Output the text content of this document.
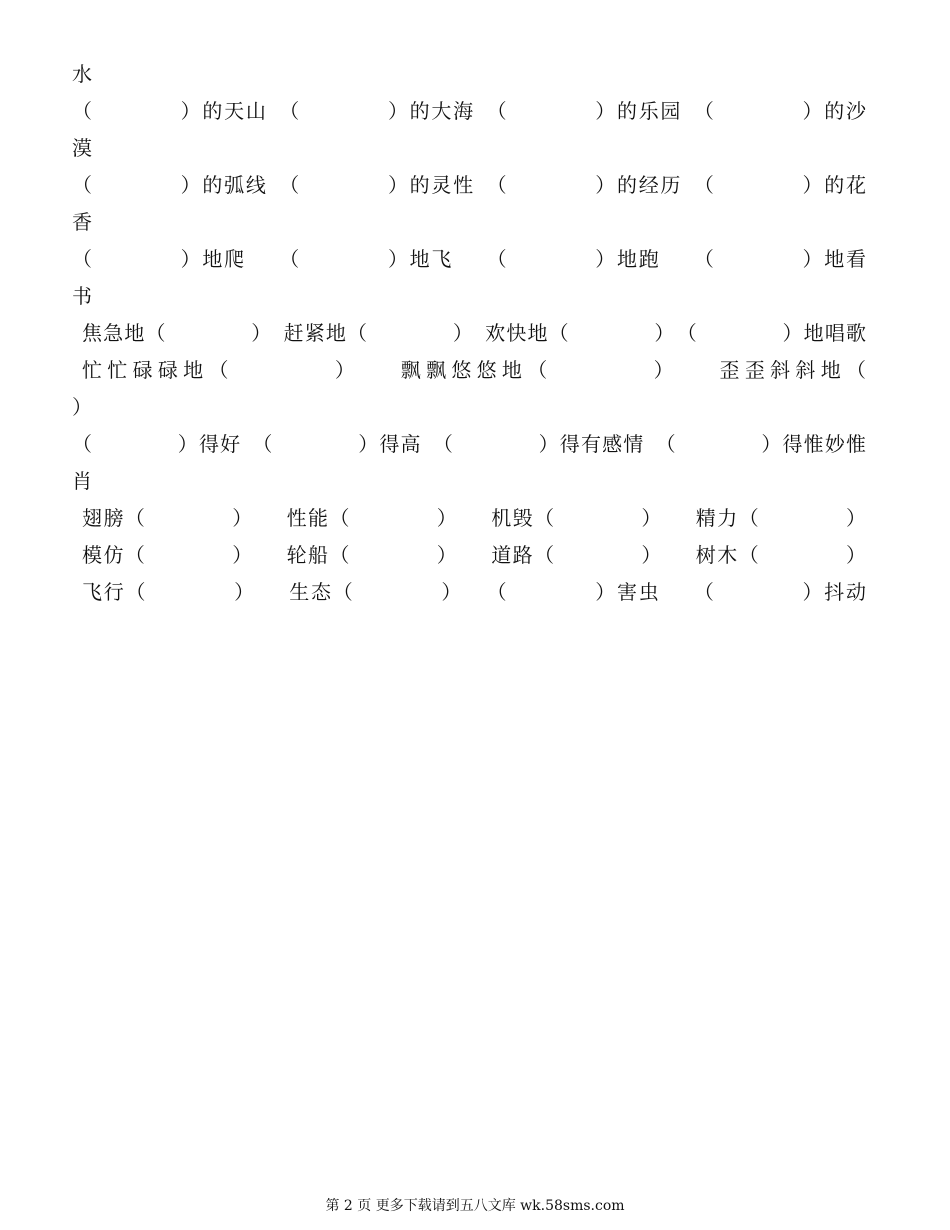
水
（　　　　）的天山　（　　　　）的大海　（　　　　）的乐园　（　　　　）的沙
漠
（　　　　）的弧线　（　　　　）的灵性　（　　　　）的经历　（　　　　）的花
香
（　　　　）地爬　　（　　　　）地飞　　（　　　　）地跑　　（　　　　）地看
书
焦急地（　　　　）　赶紧地（　　　　）　欢快地（　　　　）　（　　　　）地唱歌
忙忙碌碌地（　　　　）　　飘飘悠悠地（　　　　）　　歪歪斜斜地（
）
（　　　　）得好　（　　　　）得高　（　　　　）得有感情　（　　　　）得惟妙惟
肖
翅膀（　　　　）　　性能（　　　　）　　机毁（　　　　）　　精力（　　　　）
模仿（　　　　）　　轮船（　　　　）　　道路（　　　　）　　树木（　　　　）
飞行（　　　　）　　生态（　　　　）　　（　　　　）害虫　　（　　　　）抖动
第 2 页 更多下载请到五八文库 wk.58sms.com
